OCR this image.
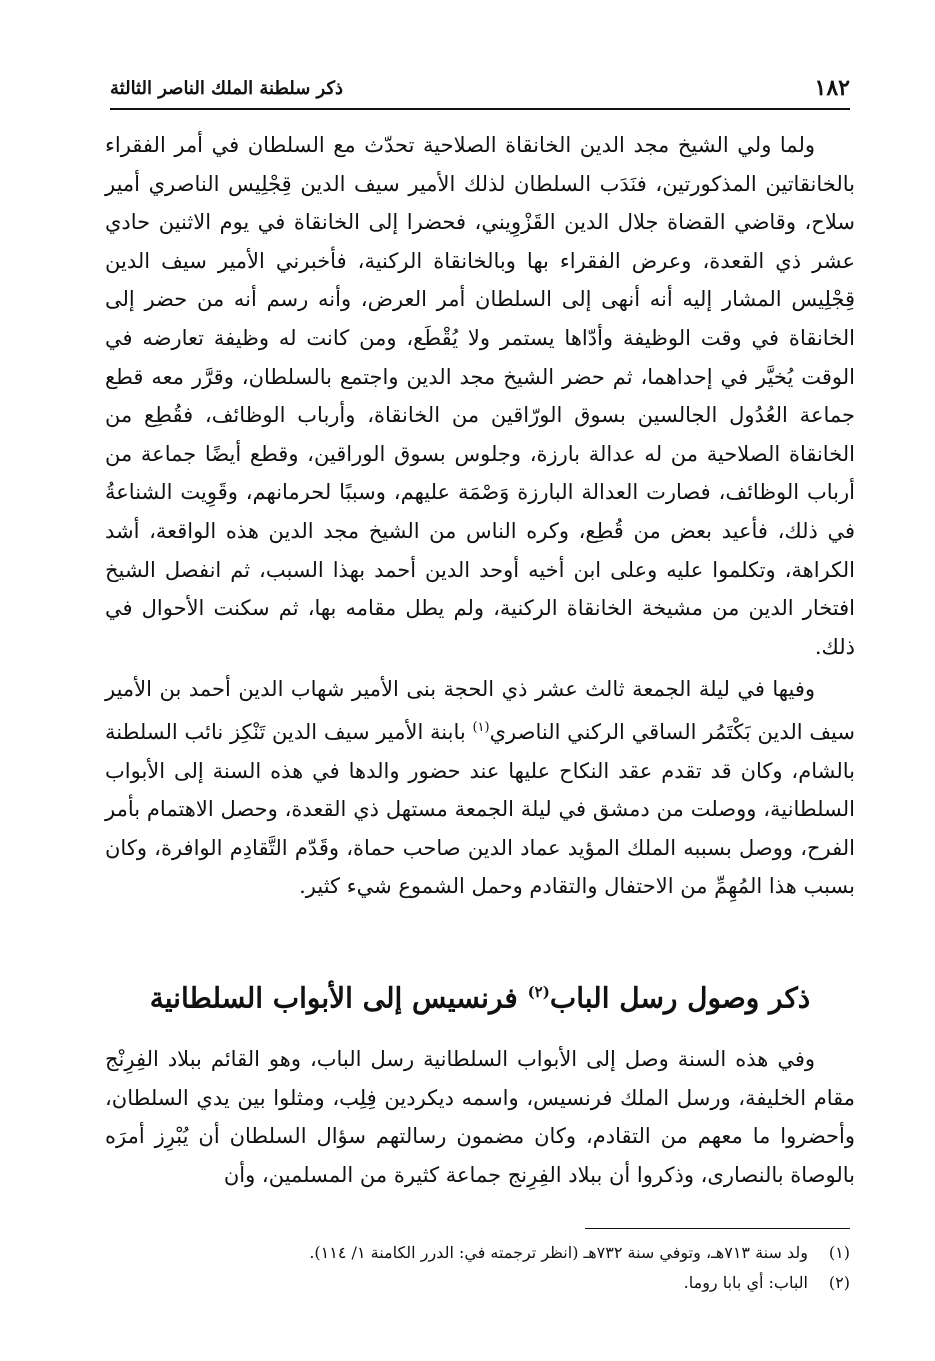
١٨٢
ذكر سلطنة الملك الناصر الثالثة

ولما ولي الشيخ مجد الدين الخانقاة الصلاحية تحدّث مع السلطان في أمر الفقراء بالخانقاتين المذكورتين، فنَدَب السلطان لذلك الأمير سيف الدين قِجْلِيس الناصري أمير سلاح، وقاضي القضاة جلال الدين القَزْوِيني، فحضرا إلى الخانقاة في يوم الاثنين حادي عشر ذي القعدة، وعرض الفقراء بها وبالخانقاة الركنية، فأخبرني الأمير سيف الدين قِجْلِيس المشار إليه أنه أنهى إلى السلطان أمر العرض، وأنه رسم أنه من حضر إلى الخانقاة في وقت الوظيفة وأدّاها يستمر ولا يُقْطَع، ومن كانت له وظيفة تعارضه في الوقت يُخيَّر في إحداهما، ثم حضر الشيخ مجد الدين واجتمع بالسلطان، وقرَّر معه قطع جماعة العُدُول الجالسين بسوق الورّاقين من الخانقاة، وأرباب الوظائف، فقُطِع من الخانقاة الصلاحية من له عدالة بارزة، وجلوس بسوق الوراقين، وقطع أيضًا جماعة من أرباب الوظائف، فصارت العدالة البارزة وَصْمَة عليهم، وسببًا لحرمانهم، وقَوِيت الشناعةُ في ذلك، فأعيد بعض من قُطِع، وكره الناس من الشيخ مجد الدين هذه الواقعة، أشد الكراهة، وتكلموا عليه وعلى ابن أخيه أوحد الدين أحمد بهذا السبب، ثم انفصل الشيخ افتخار الدين من مشيخة الخانقاة الركنية، ولم يطل مقامه بها، ثم سكنت الأحوال في ذلك.

وفيها في ليلة الجمعة ثالث عشر ذي الحجة بنى الأمير شهاب الدين أحمد بن الأمير سيف الدين بَكْتَمُر الساقي الركني الناصري$^{(١)}$ بابنة الأمير سيف الدين تَنْكِز نائب السلطنة بالشام، وكان قد تقدم عقد النكاح عليها عند حضور والدها في هذه السنة إلى الأبواب السلطانية، ووصلت من دمشق في ليلة الجمعة مستهل ذي القعدة، وحصل الاهتمام بأمر الفرح، ووصل بسببه الملك المؤيد عماد الدين صاحب حماة، وقَدّم التَّقادِم الوافرة، وكان بسبب هذا المُهِمِّ من الاحتفال والتقادم وحمل الشموع شيء كثير.

ذكر وصول رسل الباب$^{(٢)}$ فرنسيس إلى الأبواب السلطانية

وفي هذه السنة وصل إلى الأبواب السلطانية رسل الباب، وهو القائم ببلاد الفِرِنْج مقام الخليفة، ورسل الملك فرنسيس، واسمه ديكردين فِلِب، ومثلوا بين يدي السلطان، وأحضروا ما معهم من التقادم، وكان مضمون رسالتهم سؤال السلطان أن يُبْرِز أمرَه بالوصاة بالنصارى، وذكروا أن ببلاد الفِرِنج جماعة كثيرة من المسلمين، وأن

(١)
ولد سنة ٧١٣هـ، وتوفي سنة ٧٣٢هـ (انظر ترجمته في: الدرر الكامنة ١/ ١١٤).
(٢)
الباب: أي بابا روما.
